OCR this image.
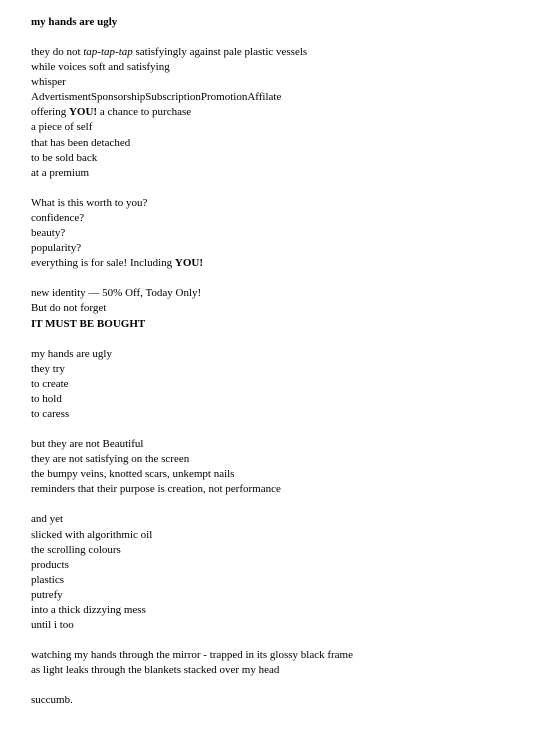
my hands are ugly
they do not tap-tap-tap satisfyingly against pale plastic vessels
while voices soft and satisfying
whisper
AdvertismentSponsorshipSubscriptionPromotionAffilate
offering YOU! a chance to purchase
a piece of self
that has been detached
to be sold back
at a premium
What is this worth to you?
confidence?
beauty?
popularity?
everything is for sale! Including YOU!
new identity — 50% Off, Today Only!
But do not forget
IT MUST BE BOUGHT
my hands are ugly
they try
to create
to hold
to caress
but they are not Beautiful
they are not satisfying on the screen
the bumpy veins, knotted scars, unkempt nails
reminders that their purpose is creation, not performance
and yet
slicked with algorithmic oil
the scrolling colours
products
plastics
putrefy
into a thick dizzying mess
until i too
watching my hands through the mirror - trapped in its glossy black frame
as light leaks through the blankets stacked over my head
succumb.
